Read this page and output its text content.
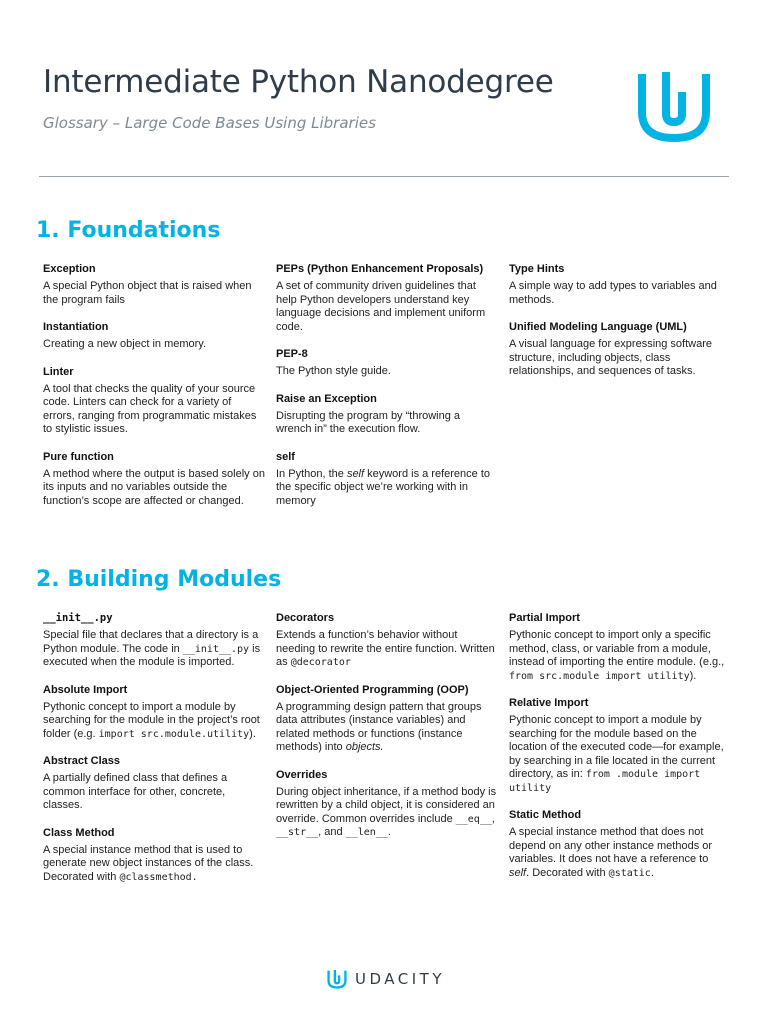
Intermediate Python Nanodegree
Glossary – Large Code Bases Using Libraries
1. Foundations
Exception

A special Python object that is raised when the program fails

Instantiation

Creating a new object in memory.

Linter

A tool that checks the quality of your source code. Linters can check for a variety of errors, ranging from programmatic mistakes to stylistic issues.

Pure function

A method where the output is based solely on its inputs and no variables outside the function’s scope are affected or changed.

PEPs (Python Enhancement Proposals)

A set of community driven guidelines that help Python developers understand key language decisions and implement uniform code.

PEP-8

The Python style guide.

Raise an Exception

Disrupting the program by “throwing a wrench in” the execution flow.

self

In Python, the self keyword is a reference to the specific object we’re working with in memory

Type Hints

A simple way to add types to variables and methods.

Unified Modeling Language (UML)

A visual language for expressing software structure, including objects, class relationships, and sequences of tasks.

2. Building Modules
__init__.py

Special file that declares that a directory is a Python module. The code in __init__.py is executed when the module is imported.

Absolute Import

Pythonic concept to import a module by searching for the module in the project’s root folder (e.g. import src.module.utility).

Abstract Class

A partially defined class that defines a common interface for other, concrete, classes.

Class Method

A special instance method that is used to generate new object instances of the class. Decorated with @classmethod.

Decorators

Extends a function’s behavior without needing to rewrite the entire function. Written as @decorator

Object-Oriented Programming (OOP)

A programming design pattern that groups data attributes (instance variables) and related methods or functions (instance methods) into objects.

Overrides

During object inheritance, if a method body is rewritten by a child object, it is considered an override. Common overrides include __eq__, __str__, and __len__.

Partial Import

Pythonic concept to import only a specific method, class, or variable from a module, instead of importing the entire module. (e.g., from src.module import utility).

Relative Import

Pythonic concept to import a module by searching for the module based on the location of the executed code—for example, by searching in a file located in the current directory, as in: from .module import utility

Static Method

A special instance method that does not depend on any other instance methods or variables. It does not have a reference to self. Decorated with @static.

UDACITY
